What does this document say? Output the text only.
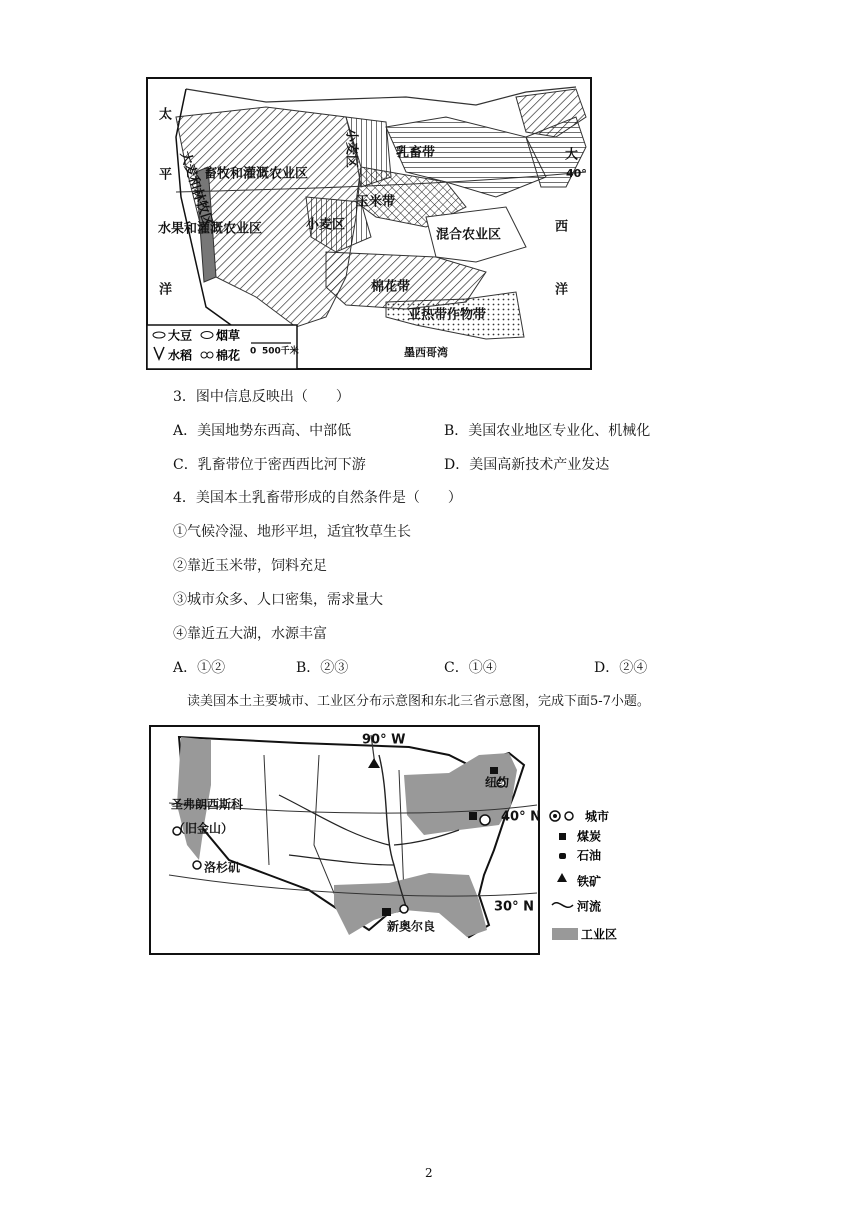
太
平
洋
大
西
洋
40°
墨西哥湾
大麦和林牧区
畜牧和灌溉农业区
水果和灌溉农业区
小麦区	乳畜带
玉米带
小麦区
混合农业区
棉花带
亚热带作物带
大豆 烟草
水稻 棉花 0 500千米
3．图中信息反映出（　　）
A．美国地势东西高、中部低	B．美国农业地区专业化、机械化
C．乳畜带位于密西西比河下游	D．美国高新技术产业发达
4．美国本土乳畜带形成的自然条件是（　　）
①气候冷湿、地形平坦，适宜牧草生长
②靠近玉米带，饲料充足
③城市众多、人口密集，需求量大
④靠近五大湖，水源丰富
A．①②	B．②③	C．①④	D．②④
读美国本土主要城市、工业区分布示意图和东北三省示意图，完成下面5-7小题。
90° W
40° N
30° N
圣弗朗西斯科
（旧金山）
洛杉矶
纽约
新奥尔良
城市
煤炭
石油
铁矿
河流
工业区
2
